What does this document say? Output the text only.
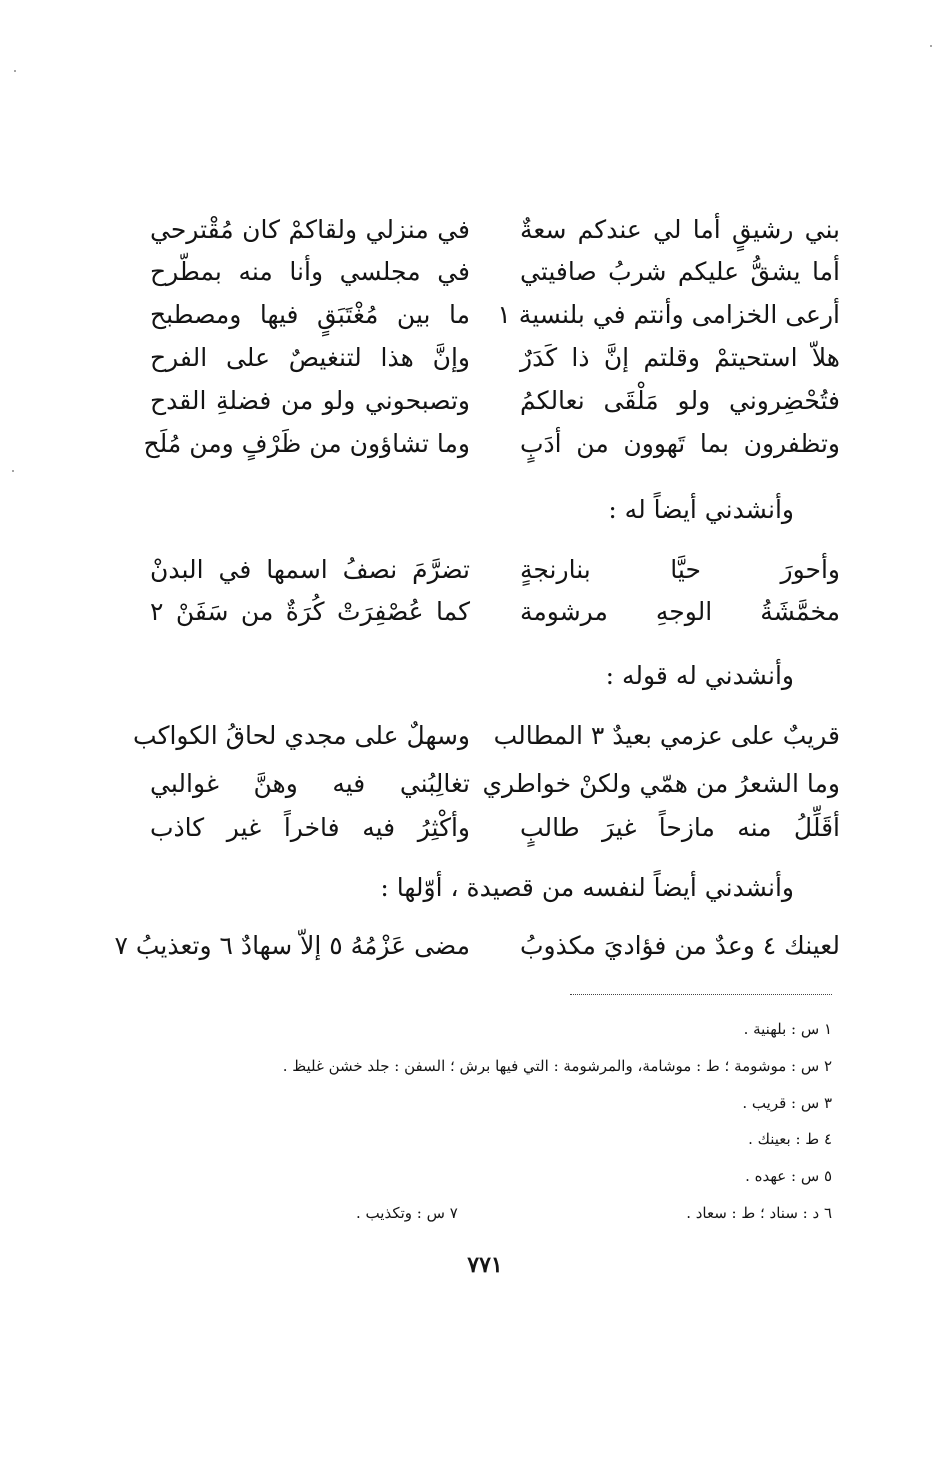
بني رشيقٍ أما لي عندكم سعةٌ
في منزلي ولقاكمْ كان مُقْترحي
أما يشقُّ عليكم شربُ صافيتي
في مجلسي وأنا منه بمطّرح
أرعى الخزامى وأنتم في بلنسية ١
ما بين مُغْتَبَقٍ فيها ومصطبح
هلاّ استحيتمْ وقلتم إنَّ ذا كَدَرٌ
وإنَّ هذا لتنغيصٌ على الفرح
فتُحْضِروني ولو مَلْقَى نعالكمُ
وتصبحوني ولو من فضلةِ القدح
وتظفرون بما تَهوون من أدَبٍ
وما تشاؤون من ظَرْفٍ ومن مُلَح
وأنشدني أيضاً له :
وأحورَ حيَّا بنارنجةٍ
تضرَّمَ نصفُ اسمها في البدنْ
مخمَّشَةُ الوجهِ مرشومة
كما عُصْفِرَتْ كُرَةٌ من سَفَنْ ٢
وأنشدني له قوله :
قريبٌ على عزمي بعيدٌ ٣ المطالب
وسهلٌ على مجدي لحاقُ الكواكب
وما الشعرُ من همّي ولكنْ خواطري
تغالِبُني فيه وهنَّ غوالبي
أقَلِّلُ منه مازحاً غيرَ طالبٍ
وأكْثِرُ فيه فاخراً غير كاذب
وأنشدني أيضاً لنفسه من قصيدة ، أوّلها :
لعينك ٤ وعدٌ من فؤاديَ مكذوبُ
مضى عَزْمُهُ ٥ إلاّ سهادٌ ٦ وتعذيبُ ٧
١ س : بلهنية .
٢ س : موشومة ؛ ط : موشامة، والمرشومة : التي فيها برش ؛ السفن : جلد خشن غليظ .
٣ س : قريب .
٤ ط : بعينك .
٥ س : عهده .
٦ د : سناد ؛ ط : سعاد .
٧ س : وتكذيب .
٧٧١
